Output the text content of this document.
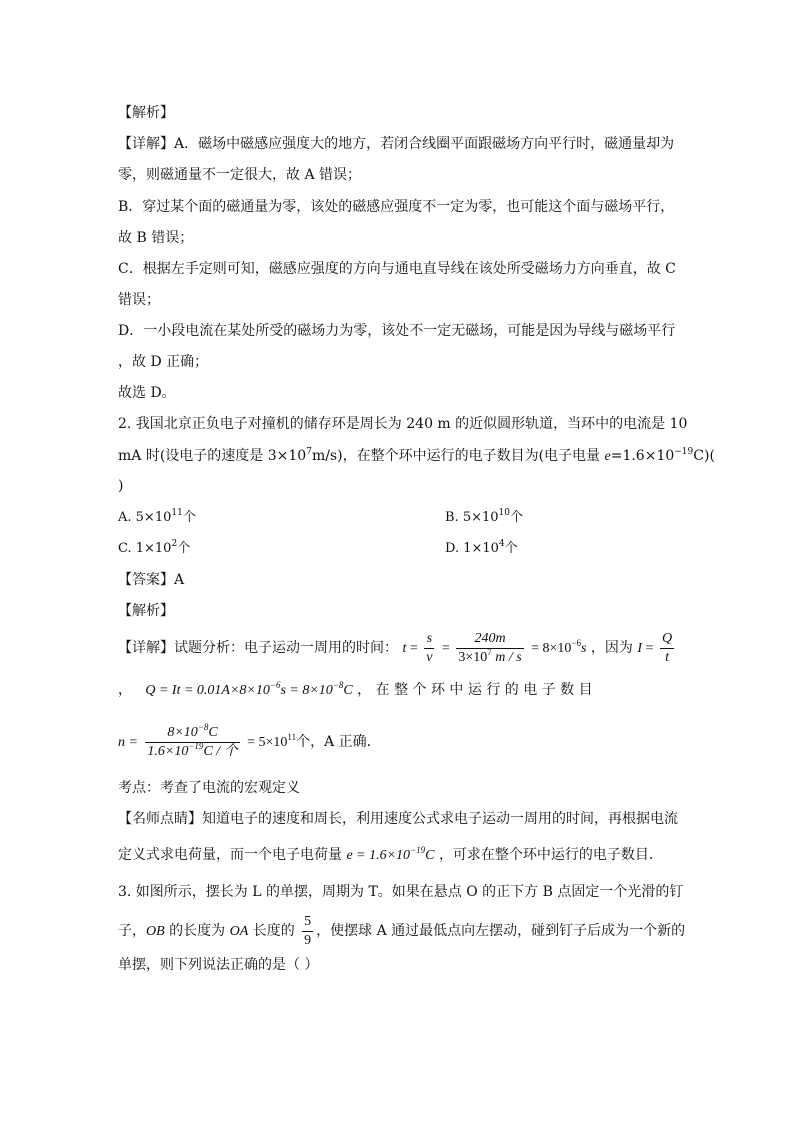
【解析】
【详解】A．磁场中磁感应强度大的地方，若闭合线圈平面跟磁场方向平行时，磁通量却为
零，则磁通量不一定很大，故 A 错误；
B．穿过某个面的磁通量为零，该处的磁感应强度不一定为零，也可能这个面与磁场平行，
故 B 错误；
C．根据左手定则可知，磁感应强度的方向与通电直导线在该处所受磁场力方向垂直，故 C
错误；
D．一小段电流在某处所受的磁场力为零，该处不一定无磁场，可能是因为导线与磁场平行
，故 D 正确；
故选 D。
2. 我国北京正负电子对撞机的储存环是周长为 240 m 的近似圆形轨道，当环中的电流是 10
mA 时(设电子的速度是 $3\times 10^7m/s$)，在整个环中运行的电子数目为(电子电量 $e=1.6\times 10^{-19}C$)(
)
A. $5\times 10^{11}$个	B. $5\times 10^{10}$个
C. $1\times 10^2$个	D. $1\times 10^4$个
【答案】A
【解析】
【详解】试题分析：电子运动一周用的时间： $t = \frac{s}{v} = \frac{240m}{3\times 10^7 m / s} = 8\times 10^{-6}s$ ，因为 $I = \frac{Q}{t}$
， $Q = It = 0.01A\times 8\times 10^{-6}s = 8\times 10^{-8}C$ ， 在 整 个 环 中 运 行 的 电 子 数 目
$n = \frac{8\times 10^{-8}C}{1.6\times 10^{-19}C / 个} = 5\times 10^{11}$个，A 正确．
考点：考查了电流的宏观定义
【名师点睛】知道电子的速度和周长，利用速度公式求电子运动一周用的时间，再根据电流
定义式求电荷量，而一个电子电荷量 $e = 1.6\times 10^{-19}C$ ，可求在整个环中运行的电子数目．
3. 如图所示，摆长为 L 的单摆，周期为 T。如果在悬点 O 的正下方 B 点固定一个光滑的钉
子，OB 的长度为 OA 长度的 $\frac{5}{9}$ ，使摆球 A 通过最低点向左摆动，碰到钉子后成为一个新的
单摆，则下列说法正确的是（ ）
